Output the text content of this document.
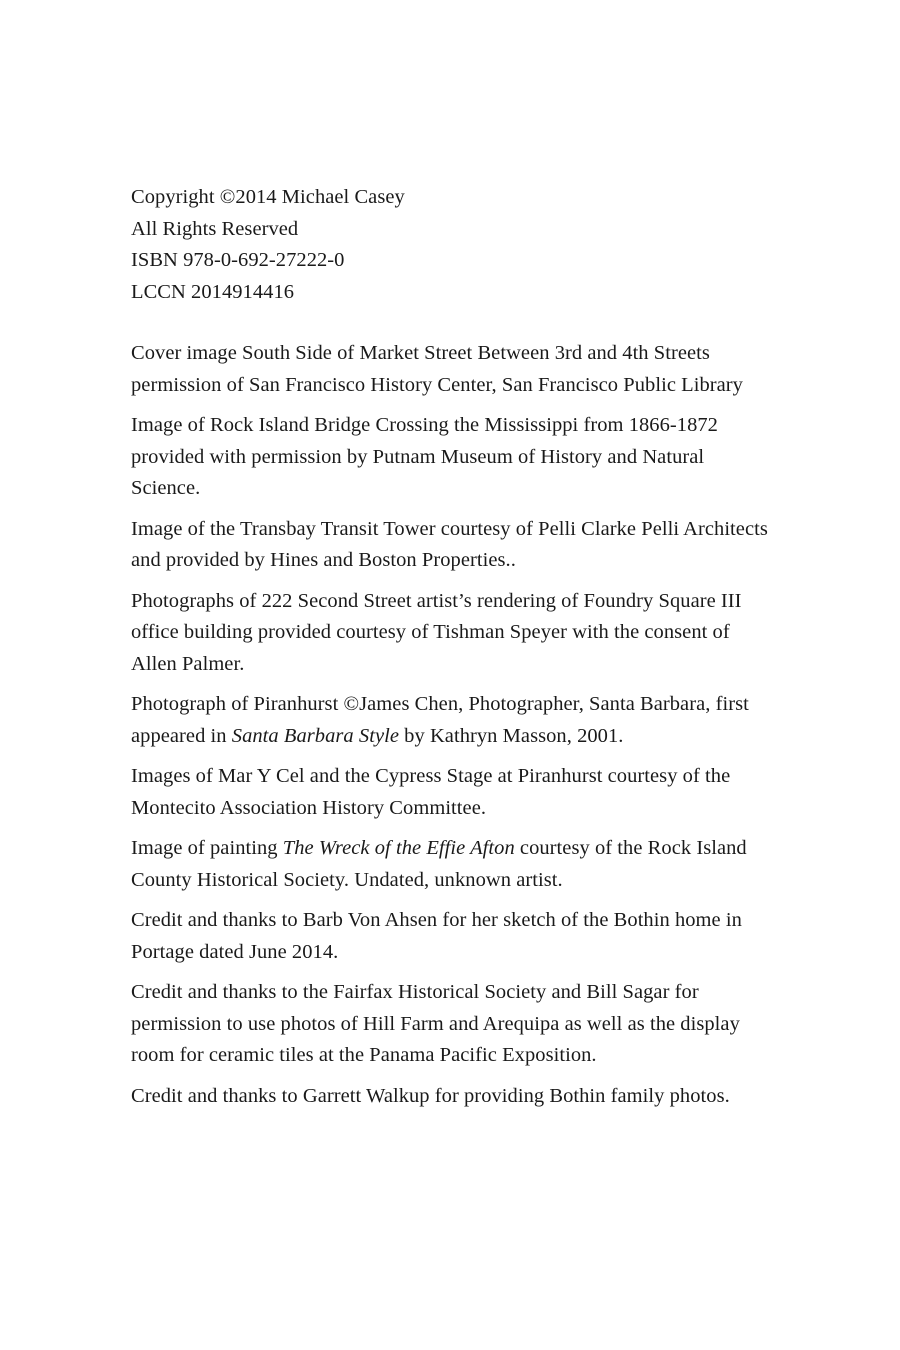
Copyright ©2014 Michael Casey
All Rights Reserved
ISBN 978-0-692-27222-0
LCCN 2014914416

Cover image South Side of Market Street Between 3rd and 4th Streets permission of San Francisco History Center, San Francisco Public Library

Image of Rock Island Bridge Crossing the Mississippi from 1866-1872 provided with permission by Putnam Museum of History and Natural Science.

Image of the Transbay Transit Tower courtesy of Pelli Clarke Pelli Architects and provided by Hines and Boston Properties..

Photographs of 222 Second Street artist’s rendering of Foundry Square III office building provided courtesy of Tishman Speyer with the consent of Allen Palmer.

Photograph of Piranhurst ©James Chen, Photographer, Santa Barbara, first appeared in Santa Barbara Style by Kathryn Masson, 2001.

Images of Mar Y Cel and the Cypress Stage at Piranhurst courtesy of the Montecito Association History Committee.

Image of painting The Wreck of the Effie Afton courtesy of the Rock Island County Historical Society. Undated, unknown artist.

Credit and thanks to Barb Von Ahsen for her sketch of the Bothin home in Portage dated June 2014.

Credit and thanks to the Fairfax Historical Society and Bill Sagar for permission to use photos of Hill Farm and Arequipa as well as the display room for ceramic tiles at the Panama Pacific Exposition.

Credit and thanks to Garrett Walkup for providing Bothin family photos.
